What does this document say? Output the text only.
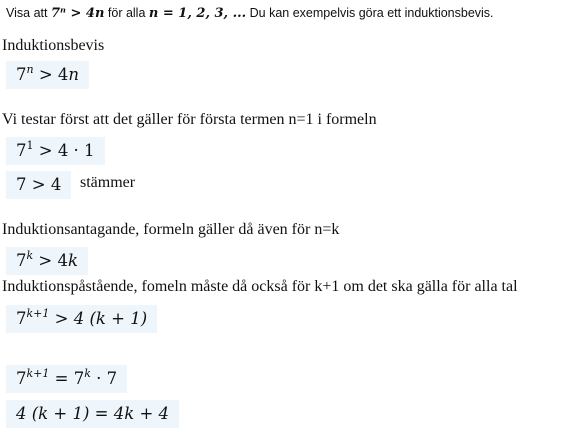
Visa att 7ⁿ > 4n för alla n = 1, 2, 3, ... Du kan exempelvis göra ett induktionsbevis.
Induktionsbevis
$7^n > 4n$
Vi testar först att det gäller för första termen n=1 i formeln
$7^1 > 4 \cdot 1$
7 > 4	stämmer
Induktionsantagande, formeln gäller då även för n=k
$7^k > 4k$
Induktionspåstående, fomeln måste då också för k+1 om det ska gälla för alla tal
$7^{k+1} > 4$ (k + 1)
$7^{k+1} = 7^k \cdot 7$
4 (k + 1) = 4k + 4
